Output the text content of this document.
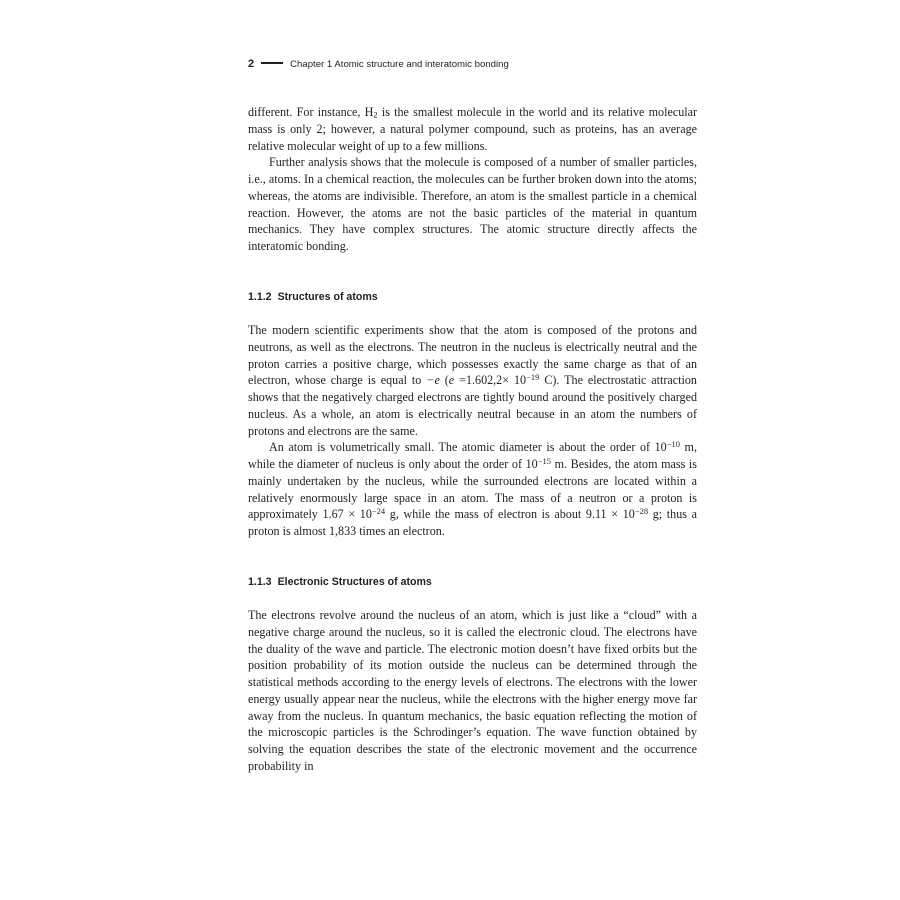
2	Chapter 1 Atomic structure and interatomic bonding

different. For instance, $H_2$ is the smallest molecule in the world and its relative molecular mass is only 2; however, a natural polymer compound, such as proteins, has an average relative molecular weight of up to a few millions.

Further analysis shows that the molecule is composed of a number of smaller particles, i.e., atoms. In a chemical reaction, the molecules can be further broken down into the atoms; whereas, the atoms are indivisible. Therefore, an atom is the smallest particle in a chemical reaction. However, the atoms are not the basic particles of the material in quantum mechanics. They have complex structures. The atomic structure directly affects the interatomic bonding.

1.1.2 Structures of atoms

The modern scientific experiments show that the atom is composed of the protons and neutrons, as well as the electrons. The neutron in the nucleus is electrically neutral and the proton carries a positive charge, which possesses exactly the same charge as that of an electron, whose charge is equal to −e ($e =1.602,2\times 10^{-19}$ C). The electrostatic attraction shows that the negatively charged electrons are tightly bound around the positively charged nucleus. As a whole, an atom is electrically neutral because in an atom the numbers of protons and electrons are the same.

An atom is volumetrically small. The atomic diameter is about the order of $10^{-10}$ m, while the diameter of nucleus is only about the order of $10^{-15}$ m. Besides, the atom mass is mainly undertaken by the nucleus, while the surrounded electrons are located within a relatively enormously large space in an atom. The mass of a neutron or a proton is approximately $1.67 \times 10^{-24}$ g, while the mass of electron is about $9.11 \times 10^{-28}$ g; thus a proton is almost 1,833 times an electron.

1.1.3 Electronic Structures of atoms

The electrons revolve around the nucleus of an atom, which is just like a “cloud” with a negative charge around the nucleus, so it is called the electronic cloud. The electrons have the duality of the wave and particle. The electronic motion doesn’t have fixed orbits but the position probability of its motion outside the nucleus can be determined through the statistical methods according to the energy levels of electrons. The electrons with the lower energy usually appear near the nucleus, while the electrons with the higher energy move far away from the nucleus. In quantum mechanics, the basic equation reflecting the motion of the microscopic particles is the Schrodinger’s equation. The wave function obtained by solving the equation describes the state of the electronic movement and the occurrence probability in
